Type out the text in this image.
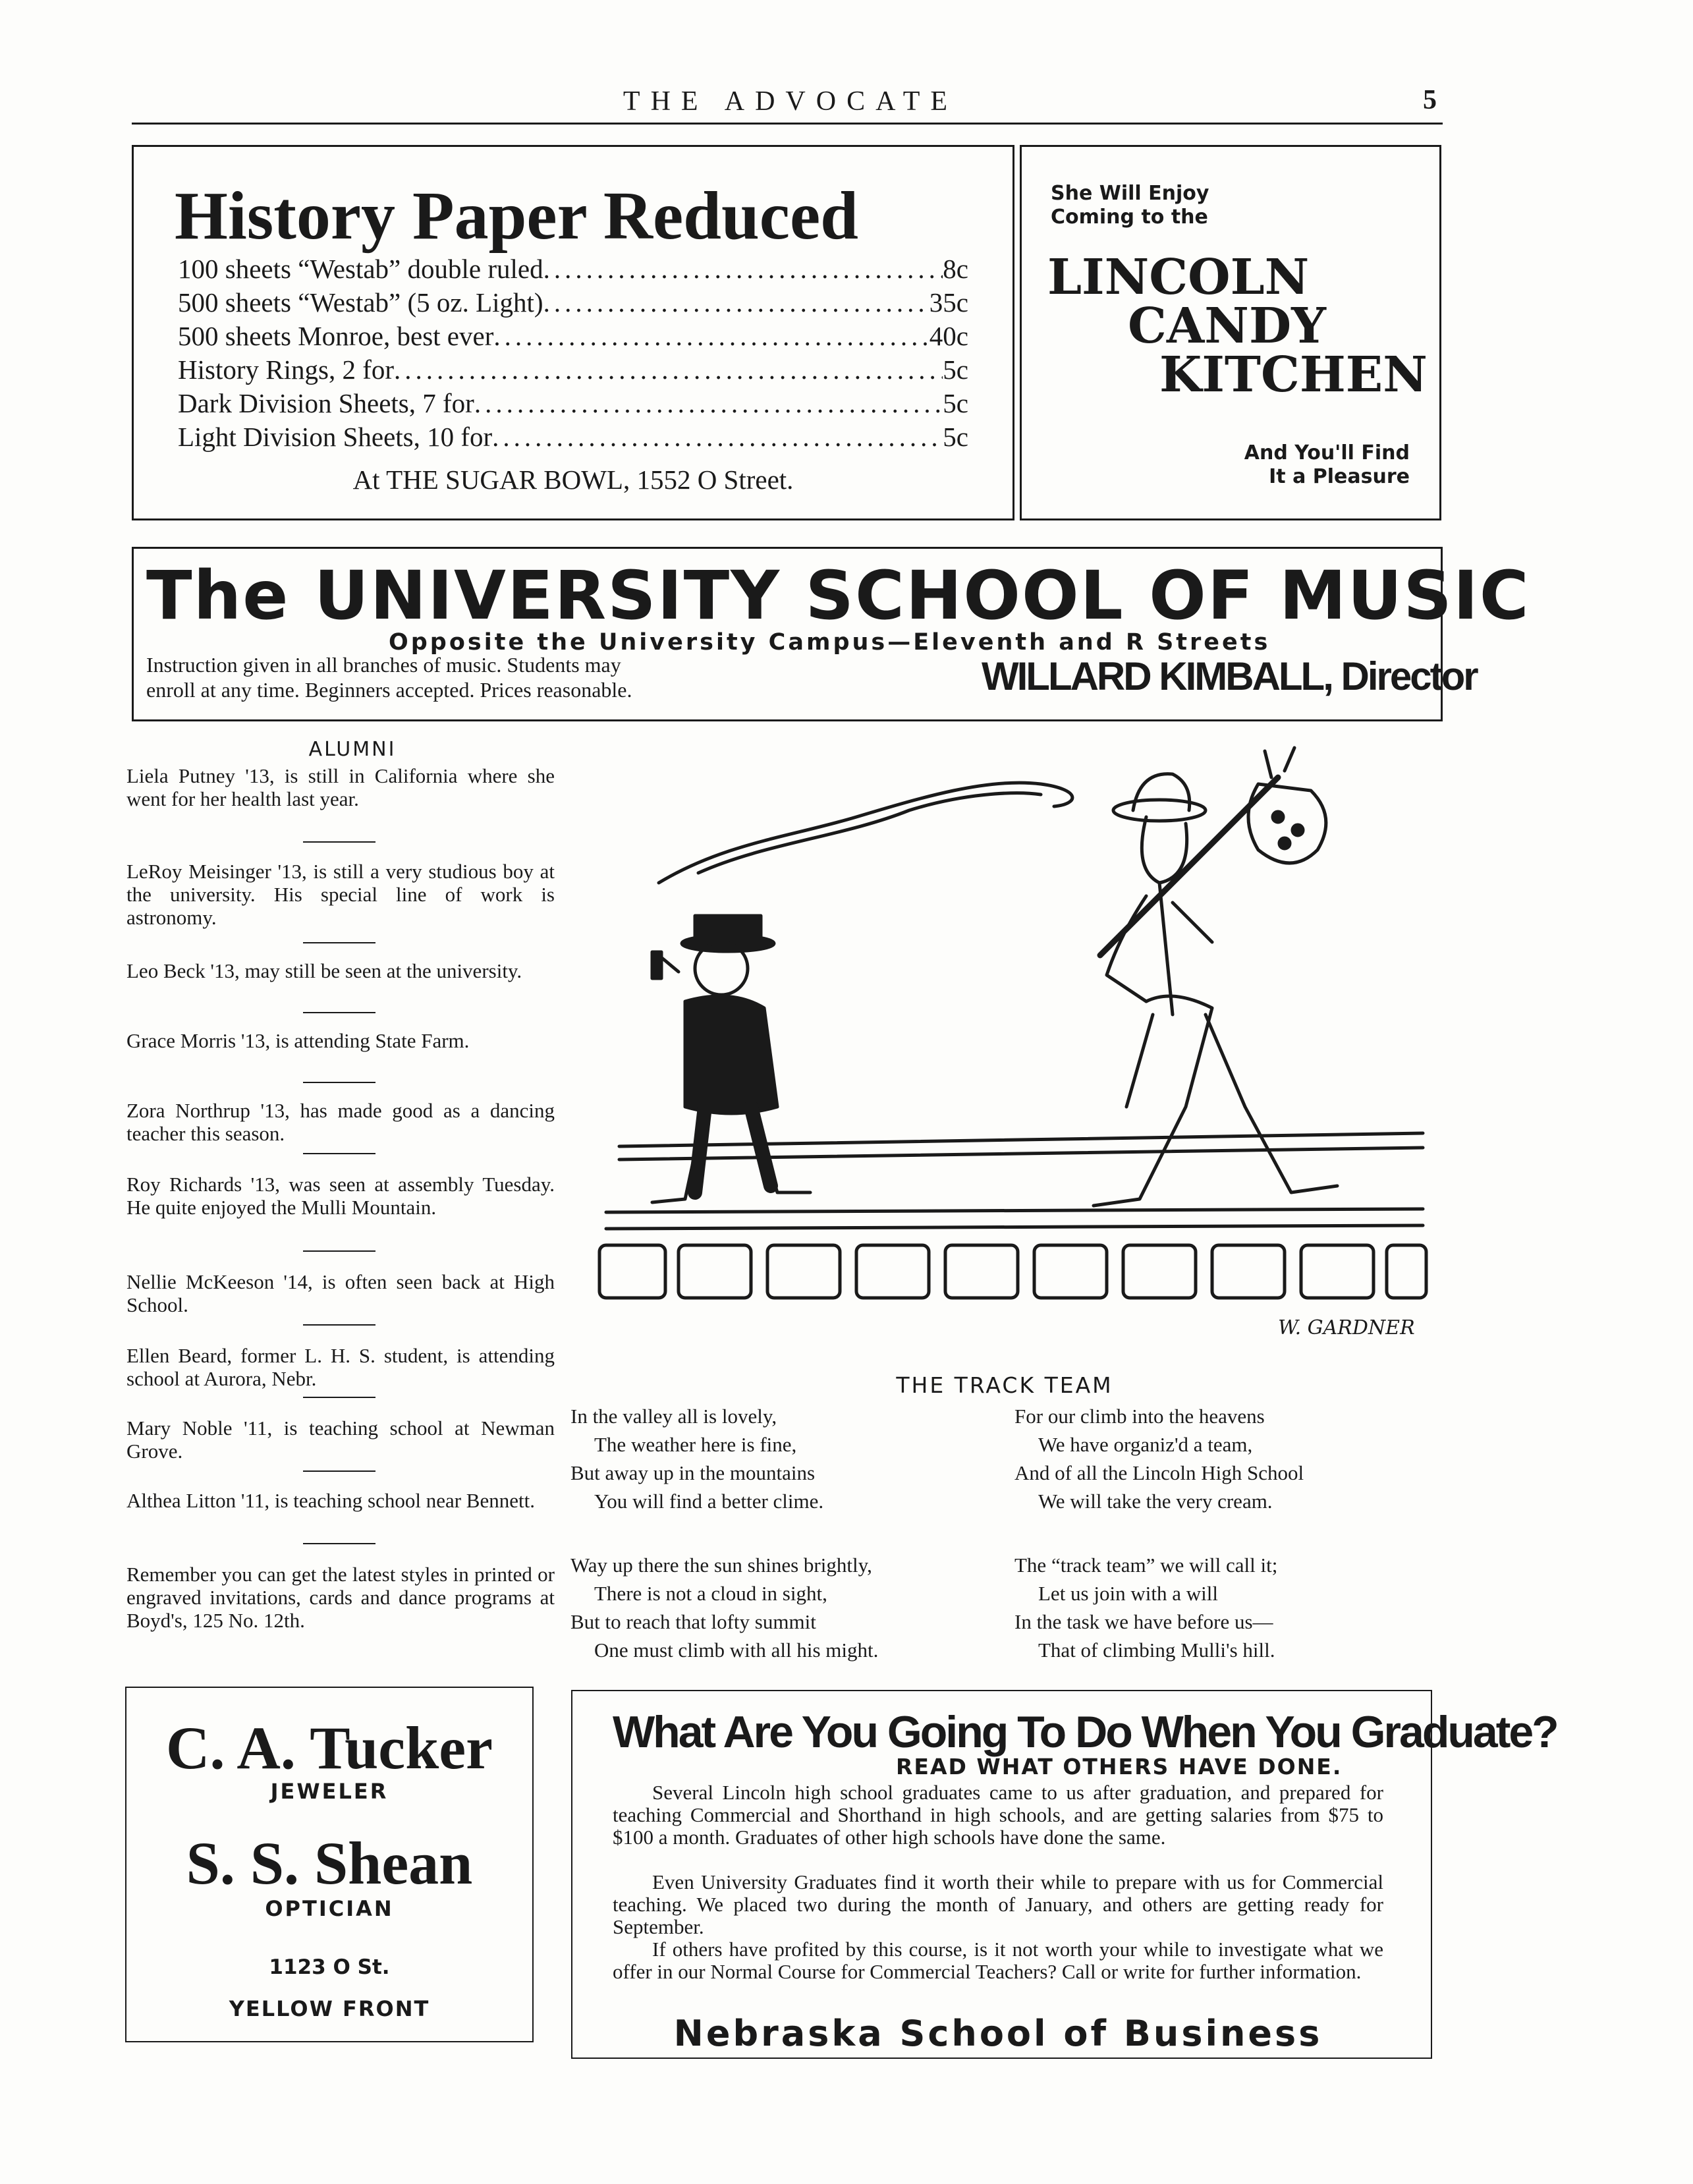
THE ADVOCATE	5
History Paper Reduced
100 sheets “Westab” double ruled .....	8c
500 sheets “Westab” (5 oz. Light) .....	35c
500 sheets Monroe, best ever .....	40c
History Rings, 2 for .....	5c
Dark Division Sheets, 7 for .....	5c
Light Division Sheets, 10 for .....	5c
At THE SUGAR BOWL, 1552 O Street.
She Will Enjoy
Coming to the
LINCOLN
CANDY
KITCHEN
And You'll Find
It a Pleasure
The UNIVERSITY SCHOOL OF MUSIC
Opposite the University Campus—Eleventh and R Streets
Instruction given in all branches of music. Students may
enroll at any time. Beginners accepted. Prices reasonable.	WILLARD KIMBALL, Director
ALUMNI
Liela Putney '13, is still in California where she went for her health last year.
LeRoy Meisinger '13, is still a very studious boy at the university. His special line of work is astronomy.
Leo Beck '13, may still be seen at the university.
Grace Morris '13, is attending State Farm.
Zora Northrup '13, has made good as a dancing teacher this season.
Roy Richards '13, was seen at assembly Tuesday. He quite enjoyed the Mulli Mountain.
Nellie McKeeson '14, is often seen back at High School.
Ellen Beard, former L. H. S. student, is attending school at Aurora, Nebr.
Mary Noble '11, is teaching school at Newman Grove.
Althea Litton '11, is teaching school near Bennett.
Remember you can get the latest styles in printed or engraved invitations, cards and dance programs at Boyd's, 125 No. 12th.
W. GARDNER
THE TRACK TEAM
In the valley all is lovely,
The weather here is fine,
But away up in the mountains
You will find a better clime.
For our climb into the heavens
We have organiz'd a team,
And of all the Lincoln High School
We will take the very cream.
Way up there the sun shines brightly,
There is not a cloud in sight,
But to reach that lofty summit
One must climb with all his might.
The “track team” we will call it;
Let us join with a will
In the task we have before us—
That of climbing Mulli's hill.
C. A. Tucker
JEWELER
S. S. Shean
OPTICIAN
1123 O St.
YELLOW FRONT
What Are You Going To Do When You Graduate?
READ WHAT OTHERS HAVE DONE.
Several Lincoln high school graduates came to us after graduation, and prepared for teaching Commercial and Shorthand in high schools, and are getting salaries from $75 to $100 a month. Graduates of other high schools have done the same.
Even University Graduates find it worth their while to prepare with us for Commercial teaching. We placed two during the month of January, and others are getting ready for September.
If others have profited by this course, is it not worth your while to investigate what we offer in our Normal Course for Commercial Teachers? Call or write for further information.
Nebraska School of Business
